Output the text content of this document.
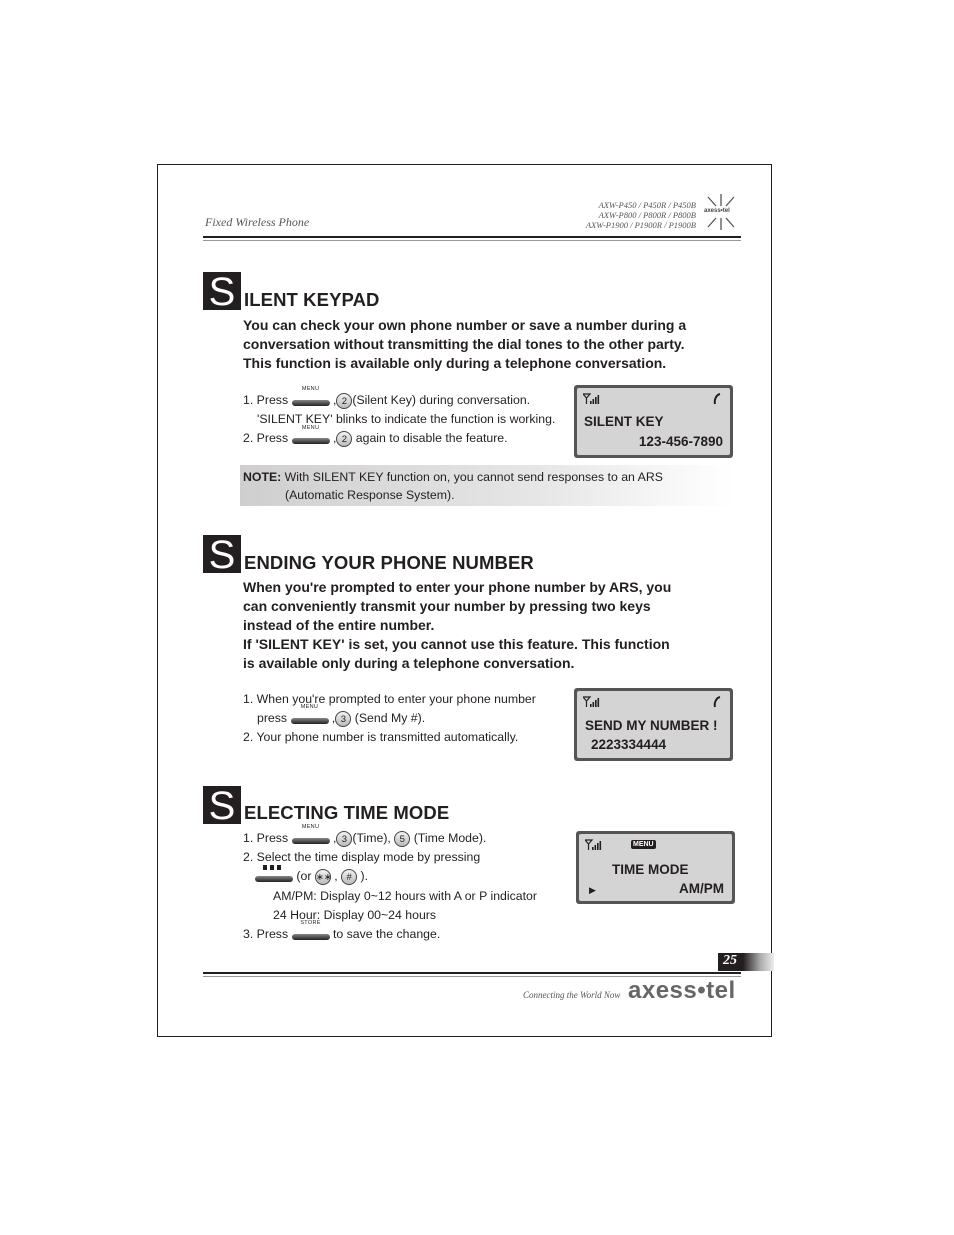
Fixed Wireless Phone
AXW-P450 / P450R / P450B
AXW-P800 / P800R / P800B
AXW-P1900 / P1900R / P1900B
axess•tel
S ILENT KEYPAD
You can check your own phone number or save a number during a
conversation without transmitting the dial tones to the other party.
This function is available only during a telephone conversation.
1. Press
MENU
, 2 (Silent Key) during conversation.
'SILENT KEY' blinks to indicate the function is working.
2. Press
MENU
, 2 again to disable the feature.
SILENT KEY
123-456-7890
NOTE: With SILENT KEY function on, you cannot send responses to an ARS
(Automatic Response System).
S ENDING YOUR PHONE NUMBER
When you're prompted to enter your phone number by ARS, you
can conveniently transmit your number by pressing two keys
instead of the entire number.
If 'SILENT KEY' is set, you cannot use this feature. This function
is available only during a telephone conversation.
1. When you're prompted to enter your phone number
press
MENU
, 3 (Send My #).
2. Your phone number is transmitted automatically.
SEND MY NUMBER !
2223334444
S ELECTING TIME MODE
1. Press
MENU
, 3 (Time), 5 (Time Mode).
2. Select the time display mode by pressing
(or ∗∗ , # ).
AM/PM: Display 0~12 hours with A or P indicator
24 Hour: Display 00~24 hours
3. Press
STORE
to save the change.
MENU
TIME MODE
▶	AM/PM
25
Connecting the World Now axess•tel
